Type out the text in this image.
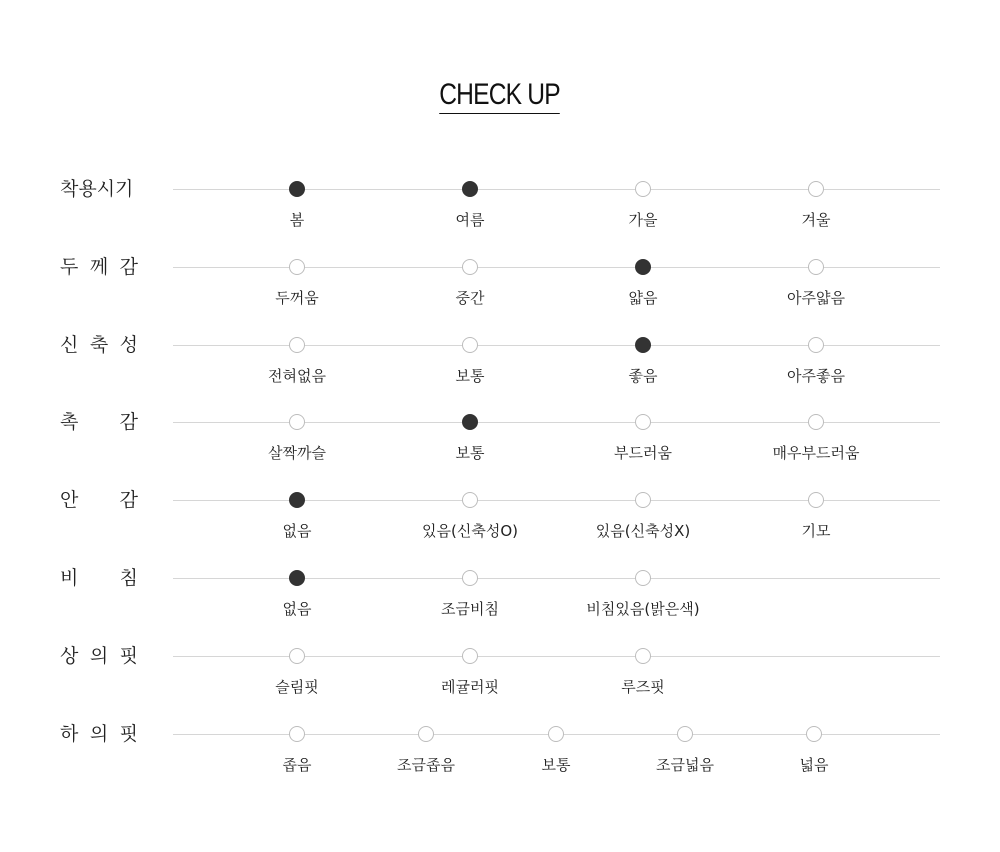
CHECK UP
착용시기
봄	여름	가을	겨울
두 께 감
두꺼움	중간	얇음	아주얇음
신 축 성
전혀없음	보통	좋음	아주좋음
촉 감
살짝까슬	보통	부드러움	매우부드러움
안 감
없음	있음(신축성O)	있음(신축성X)	기모
비 침
없음	조금비침	비침있음(밝은색)
상 의 핏
슬림핏	레귤러핏	루즈핏
하 의 핏
좁음	조금좁음	보통	조금넓음	넓음
